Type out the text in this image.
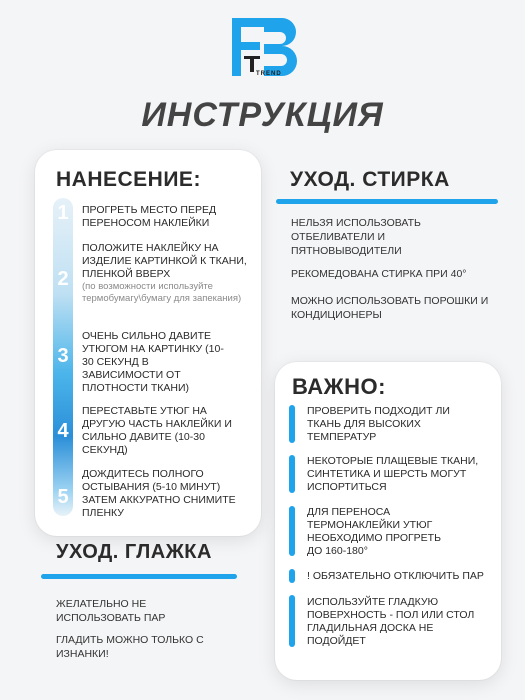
TREND
ИНСТРУКЦИЯ
НАНЕСЕНИЕ:
1	ПРОГРЕТЬ МЕСТО ПЕРЕД ПЕРЕНОСОМ НАКЛЕЙКИ
2
ПОЛОЖИТЕ НАКЛЕЙКУ НА ИЗДЕЛИЕ КАРТИНКОЙ К ТКАНИ, ПЛЕНКОЙ ВВЕРХ
(по возможности используйте термобумагу\бумагу для запекания)
3
ОЧЕНЬ СИЛЬНО ДАВИТЕ УТЮГОМ НА КАРТИНКУ (10-30 СЕКУНД В ЗАВИСИМОСТИ ОТ ПЛОТНОСТИ ТКАНИ)
4
ПЕРЕСТАВЬТЕ УТЮГ НА ДРУГУЮ ЧАСТЬ НАКЛЕЙКИ И СИЛЬНО ДАВИТЕ (10-30 СЕКУНД)
5
ДОЖДИТЕСЬ ПОЛНОГО ОСТЫВАНИЯ (5-10 МИНУТ) ЗАТЕМ АККУРАТНО СНИМИТЕ ПЛЕНКУ
УХОД. СТИРКА
НЕЛЬЗЯ ИСПОЛЬЗОВАТЬ ОТБЕЛИВАТЕЛИ И ПЯТНОВЫВОДИТЕЛИ
РЕКОМЕДОВАНА СТИРКА ПРИ 40°
МОЖНО ИСПОЛЬЗОВАТЬ ПОРОШКИ И КОНДИЦИОНЕРЫ
УХОД. ГЛАЖКА
ЖЕЛАТЕЛЬНО НЕ ИСПОЛЬЗОВАТЬ ПАР
ГЛАДИТЬ МОЖНО ТОЛЬКО С ИЗНАНКИ!
ВАЖНО:
ПРОВЕРИТЬ ПОДХОДИТ ЛИ ТКАНЬ ДЛЯ ВЫСОКИХ ТЕМПЕРАТУР
НЕКОТОРЫЕ ПЛАЩЕВЫЕ ТКАНИ, СИНТЕТИКА И ШЕРСТЬ МОГУТ ИСПОРТИТЬСЯ
ДЛЯ ПЕРЕНОСА ТЕРМОНАКЛЕЙКИ УТЮГ НЕОБХОДИМО ПРОГРЕТЬ ДО 160-180°
! ОБЯЗАТЕЛЬНО ОТКЛЮЧИТЬ ПАР
ИСПОЛЬЗУЙТЕ ГЛАДКУЮ ПОВЕРХНОСТЬ - ПОЛ ИЛИ СТОЛ ГЛАДИЛЬНАЯ ДОСКА НЕ ПОДОЙДЕТ
